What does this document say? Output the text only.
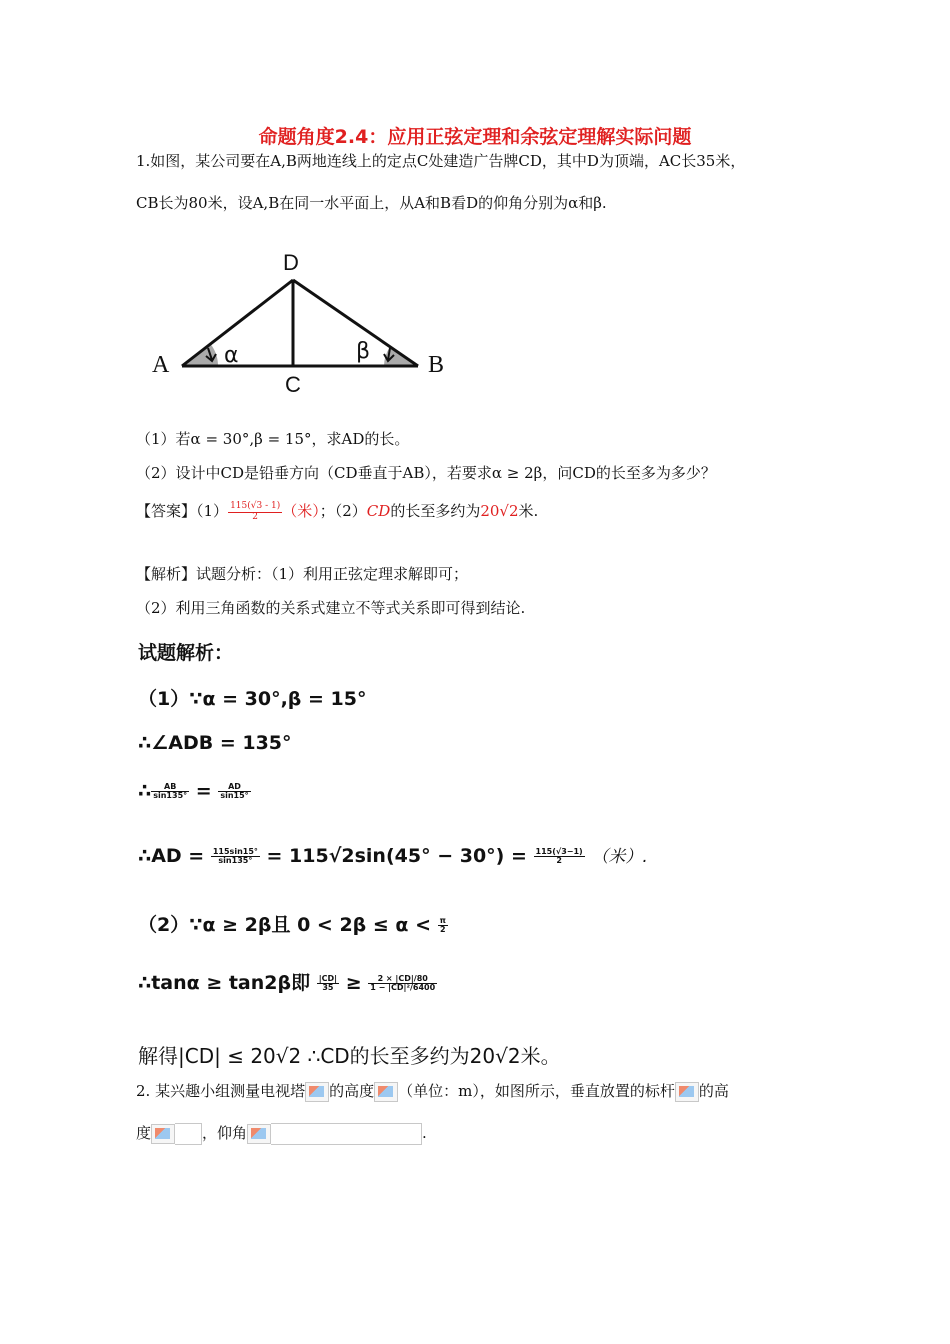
命题角度2.4：应用正弦定理和余弦定理解实际问题
1.如图，某公司要在A,B两地连线上的定点C处建造广告牌CD，其中D为顶端，AC长35米，
CB长为80米，设A,B在同一水平面上，从A和B看D的仰角分别为α和β.
D
A	B
C
α	β
（1）若α = 30°,β = 15°，求AD的长。
（2）设计中CD是铅垂方向（CD垂直于AB），若要求α ≥ 2β，问CD的长至多为多少？
【答案】$(1) \frac{115(√3 - 1)}{2}$ （米）；（2）CD的长至多约为20√2米.
【解析】试题分析：（1）利用正弦定理求解即可；
（2）利用三角函数的关系式建立不等式关系即可得到结论.
试题解析：
（1）∵α = 30°,β = 15°
∴∠ADB = 135°
∴ $\frac{AB}{\sin 135^\circ} = \frac{AD}{\sin 15^\circ}$
∴AD = $\frac{115\sin 15^\circ}{\sin 135^\circ} = 115√2\sin(45^\circ - 30^\circ) = \frac{115(√3-1)}{2}$ （米）.
（2）∵α ≥ 2β且 $0 < 2\beta \le \alpha < \frac{\pi}{2}$
∴tanα ≥ tan2β即 $\frac{|CD|}{35} \ge \frac{2 \times |CD|/80}{\text{1 − |CD|²/6400}}$
解得|CD| ≤ 20√2 ∴CD的长至多约为20√2米。
2. 某兴趣小组测量电视塔 的高度 （单位：m），如图所示，垂直放置的标杆 的高
度	，仰角	.
